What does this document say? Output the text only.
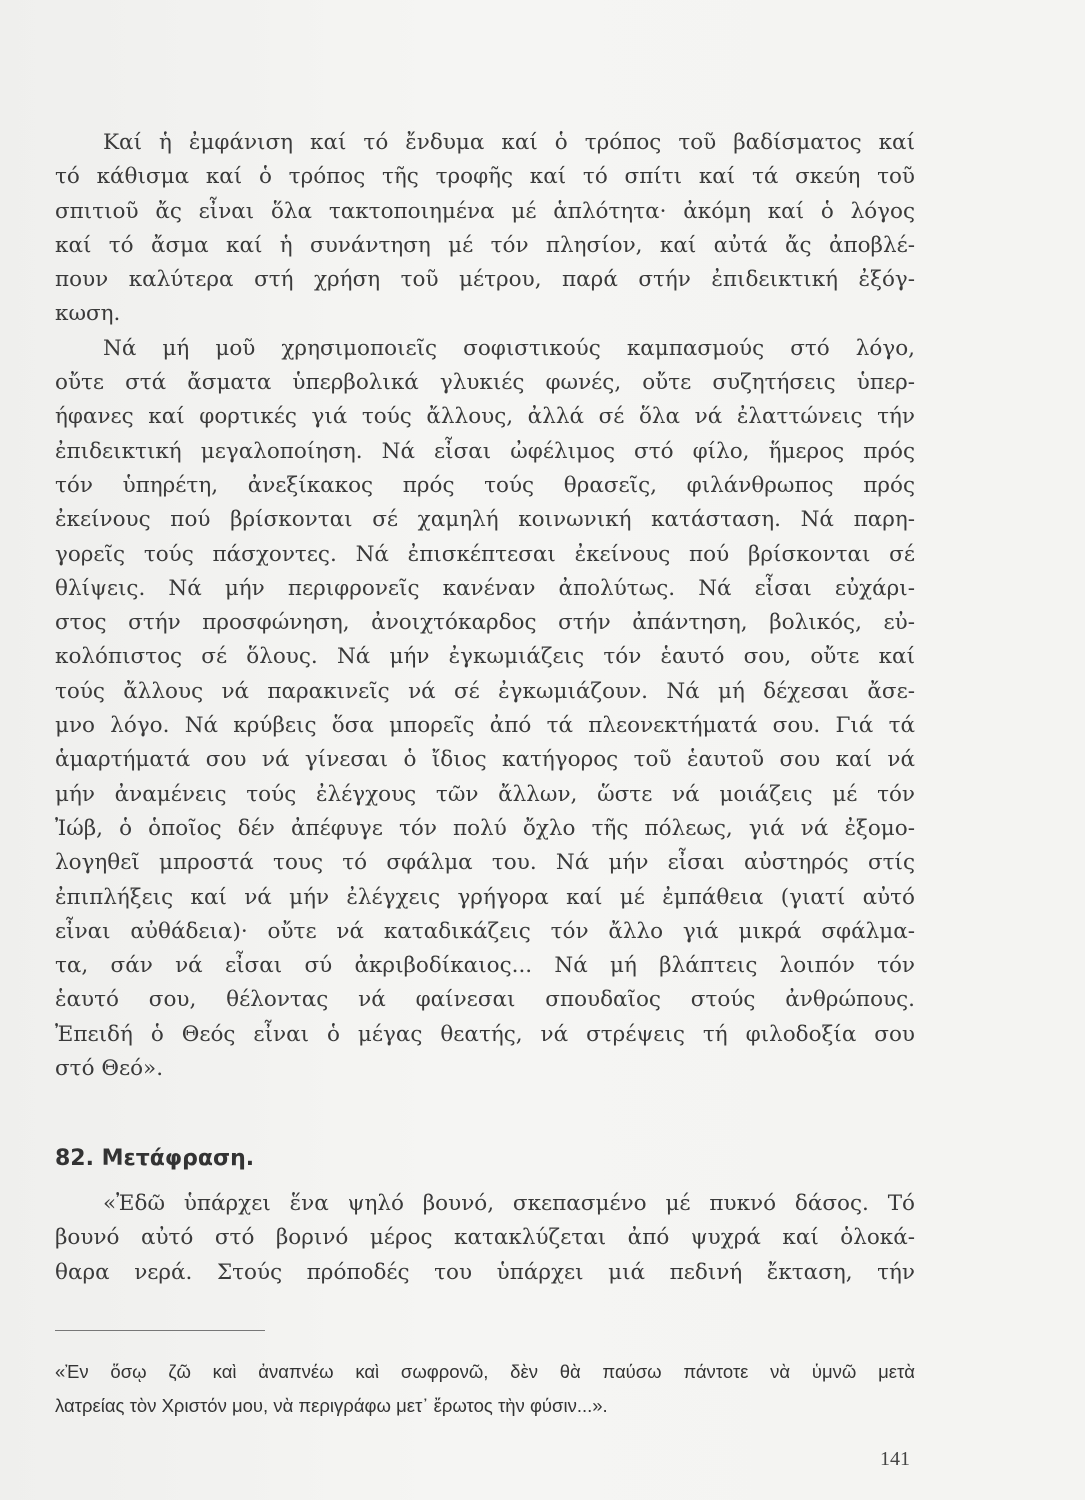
Καί ἡ ἐμφάνιση καί τό ἔνδυμα καί ὁ τρόπος τοῦ βαδίσματος καί
τό κάθισμα καί ὁ τρόπος τῆς τροφῆς καί τό σπίτι καί τά σκεύη τοῦ
σπιτιοῦ ἄς εἶναι ὅλα τακτοποιημένα μέ ἁπλότητα· ἀκόμη καί ὁ λόγος
καί τό ἄσμα καί ἡ συνάντηση μέ τόν πλησίον, καί αὐτά ἄς ἀποβλέ-
πουν καλύτερα στή χρήση τοῦ μέτρου, παρά στήν ἐπιδεικτική ἐξόγ-
κωση.
Νά μή μοῦ χρησιμοποιεῖς σοφιστικούς καμπασμούς στό λόγο,
οὔτε στά ἄσματα ὑπερβολικά γλυκιές φωνές, οὔτε συζητήσεις ὑπερ-
ήφανες καί φορτικές γιά τούς ἄλλους, ἀλλά σέ ὅλα νά ἐλαττώνεις τήν
ἐπιδεικτική μεγαλοποίηση. Νά εἶσαι ὠφέλιμος στό φίλο, ἥμερος πρός
τόν ὑπηρέτη, ἀνεξίκακος πρός τούς θρασεῖς, φιλάνθρωπος πρός
ἐκείνους πού βρίσκονται σέ χαμηλή κοινωνική κατάσταση. Νά παρη-
γορεῖς τούς πάσχοντες. Νά ἐπισκέπτεσαι ἐκείνους πού βρίσκονται σέ
θλίψεις. Νά μήν περιφρονεῖς κανέναν ἀπολύτως. Νά εἶσαι εὐχάρι-
στος στήν προσφώνηση, ἀνοιχτόκαρδος στήν ἀπάντηση, βολικός, εὐ-
κολόπιστος σέ ὅλους. Νά μήν ἐγκωμιάζεις τόν ἑαυτό σου, οὔτε καί
τούς ἄλλους νά παρακινεῖς νά σέ ἐγκωμιάζουν. Νά μή δέχεσαι ἄσε-
μνο λόγο. Νά κρύβεις ὅσα μπορεῖς ἀπό τά πλεονεκτήματά σου. Γιά τά
ἁμαρτήματά σου νά γίνεσαι ὁ ἴδιος κατήγορος τοῦ ἑαυτοῦ σου καί νά
μήν ἀναμένεις τούς ἐλέγχους τῶν ἄλλων, ὥστε νά μοιάζεις μέ τόν
Ἰώβ, ὁ ὁποῖος δέν ἀπέφυγε τόν πολύ ὄχλο τῆς πόλεως, γιά νά ἐξομο-
λογηθεῖ μπροστά τους τό σφάλμα του. Νά μήν εἶσαι αὐστηρός στίς
ἐπιπλήξεις καί νά μήν ἐλέγχεις γρήγορα καί μέ ἐμπάθεια (γιατί αὐτό
εἶναι αὐθάδεια)· οὔτε νά καταδικάζεις τόν ἄλλο γιά μικρά σφάλμα-
τα, σάν νά εἶσαι σύ ἀκριβοδίκαιος... Νά μή βλάπτεις λοιπόν τόν
ἑαυτό σου, θέλοντας νά φαίνεσαι σπουδαῖος στούς ἀνθρώπους.
Ἐπειδή ὁ Θεός εἶναι ὁ μέγας θεατής, νά στρέψεις τή φιλοδοξία σου
στό Θεό».
82. Μετάφραση.
«Ἐδῶ ὑπάρχει ἕνα ψηλό βουνό, σκεπασμένο μέ πυκνό δάσος. Τό
βουνό αὐτό στό βορινό μέρος κατακλύζεται ἀπό ψυχρά καί ὁλοκά-
θαρα νερά. Στούς πρόποδές του ὑπάρχει μιά πεδινή ἔκταση, τήν
«Ἐν ὅσῳ ζῶ καὶ ἀναπνέω καὶ σωφρονῶ, δὲν θὰ παύσω πάντοτε νὰ ὑμνῶ μετὰ
λατρείας τὸν Χριστόν μου, νὰ περιγράφω μετ᾽ ἔρωτος τὴν φύσιν...».
141
